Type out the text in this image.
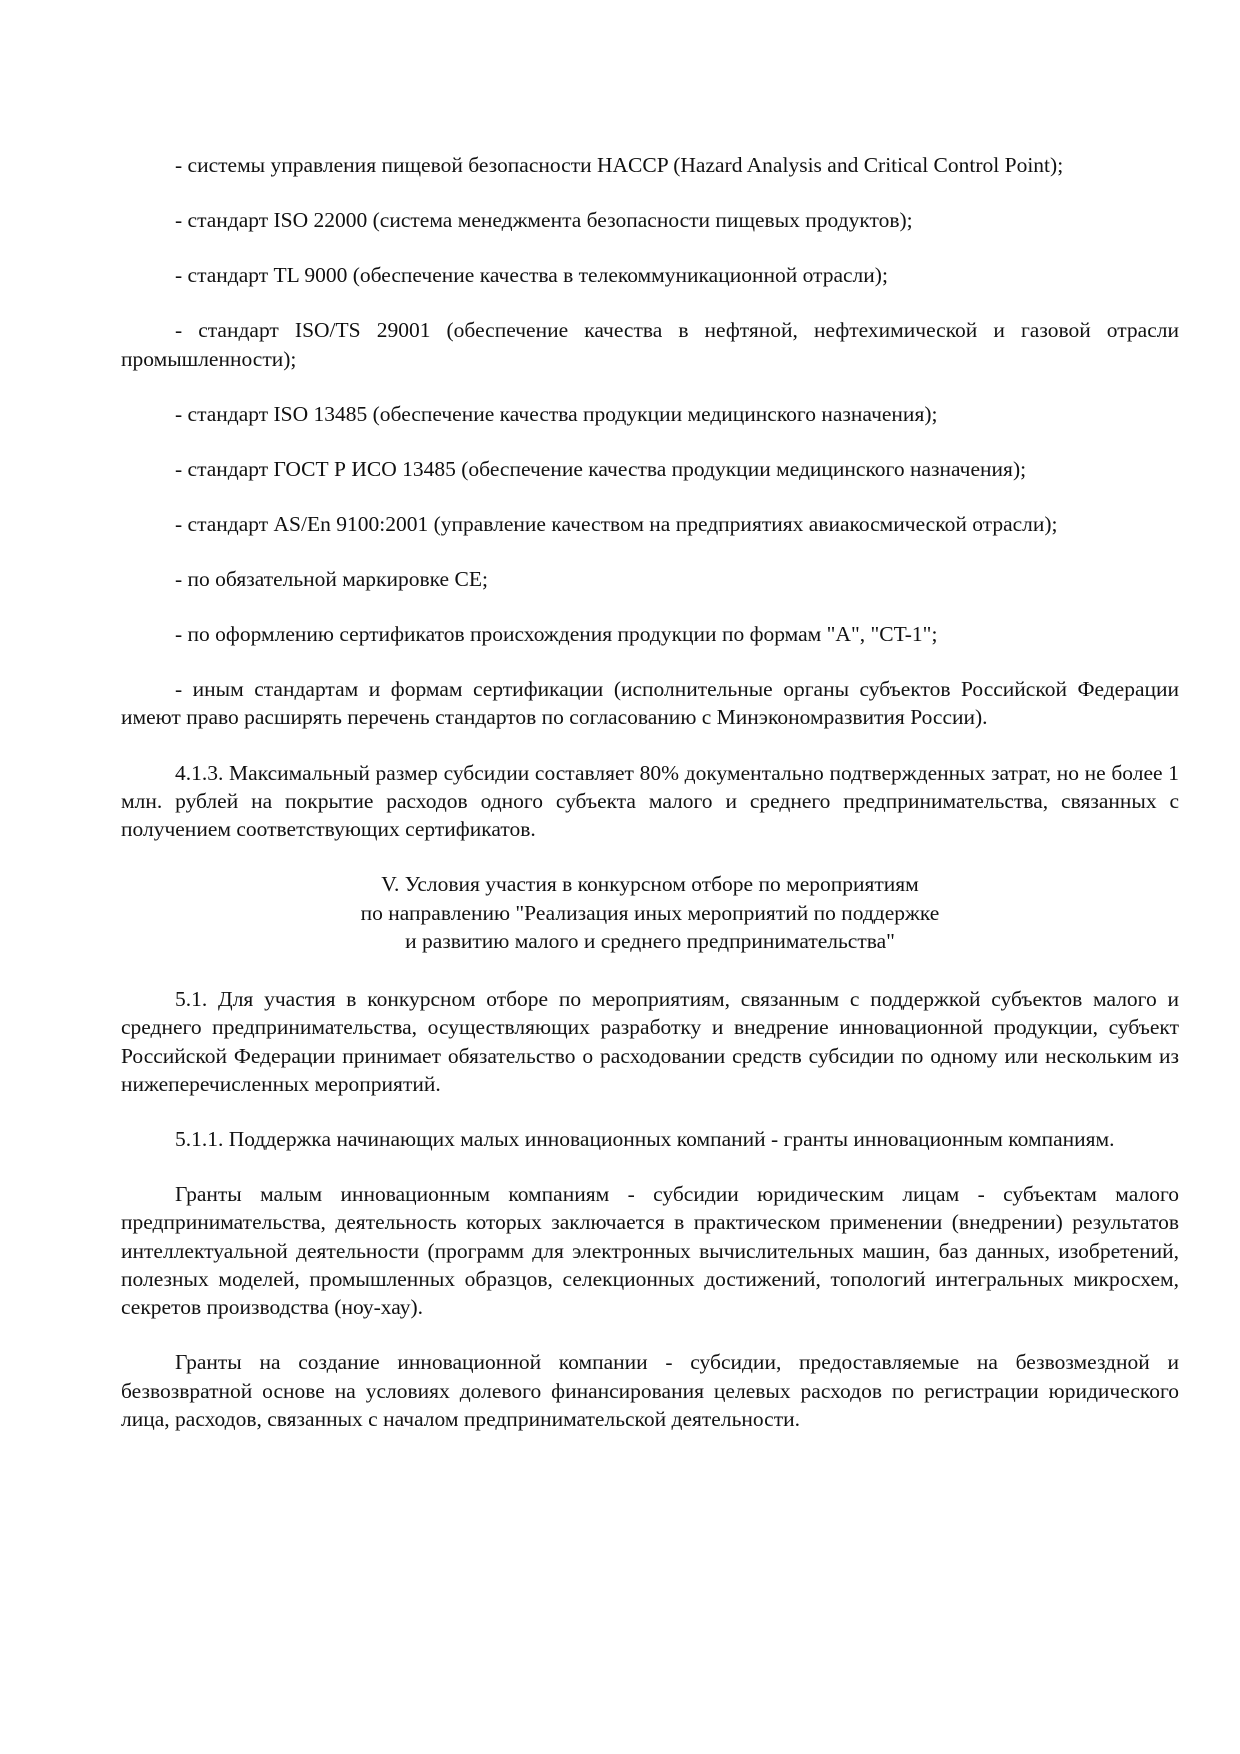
- системы управления пищевой безопасности HACCP (Hazard Analysis and Critical Control Point);

- стандарт ISO 22000 (система менеджмента безопасности пищевых продуктов);

- стандарт TL 9000 (обеспечение качества в телекоммуникационной отрасли);

- стандарт ISO/TS 29001 (обеспечение качества в нефтяной, нефтехимической и газовой отрасли промышленности);

- стандарт ISO 13485 (обеспечение качества продукции медицинского назначения);

- стандарт ГОСТ Р ИСО 13485 (обеспечение качества продукции медицинского назначения);

- стандарт AS/En 9100:2001 (управление качеством на предприятиях авиакосмической отрасли);

- по обязательной маркировке CE;

- по оформлению сертификатов происхождения продукции по формам "A", "CT-1";

- иным стандартам и формам сертификации (исполнительные органы субъектов Российской Федерации имеют право расширять перечень стандартов по согласованию с Минэкономразвития России).

4.1.3. Максимальный размер субсидии составляет 80% документально подтвержденных затрат, но не более 1 млн. рублей на покрытие расходов одного субъекта малого и среднего предпринимательства, связанных с получением соответствующих сертификатов.

V. Условия участия в конкурсном отборе по мероприятиям
по направлению "Реализация иных мероприятий по поддержке
и развитию малого и среднего предпринимательства"

5.1. Для участия в конкурсном отборе по мероприятиям, связанным с поддержкой субъектов малого и среднего предпринимательства, осуществляющих разработку и внедрение инновационной продукции, субъект Российской Федерации принимает обязательство о расходовании средств субсидии по одному или нескольким из нижеперечисленных мероприятий.

5.1.1. Поддержка начинающих малых инновационных компаний - гранты инновационным компаниям.

Гранты малым инновационным компаниям - субсидии юридическим лицам - субъектам малого предпринимательства, деятельность которых заключается в практическом применении (внедрении) результатов интеллектуальной деятельности (программ для электронных вычислительных машин, баз данных, изобретений, полезных моделей, промышленных образцов, селекционных достижений, топологий интегральных микросхем, секретов производства (ноу-хау).

Гранты на создание инновационной компании - субсидии, предоставляемые на безвозмездной и безвозвратной основе на условиях долевого финансирования целевых расходов по регистрации юридического лица, расходов, связанных с началом предпринимательской деятельности.
